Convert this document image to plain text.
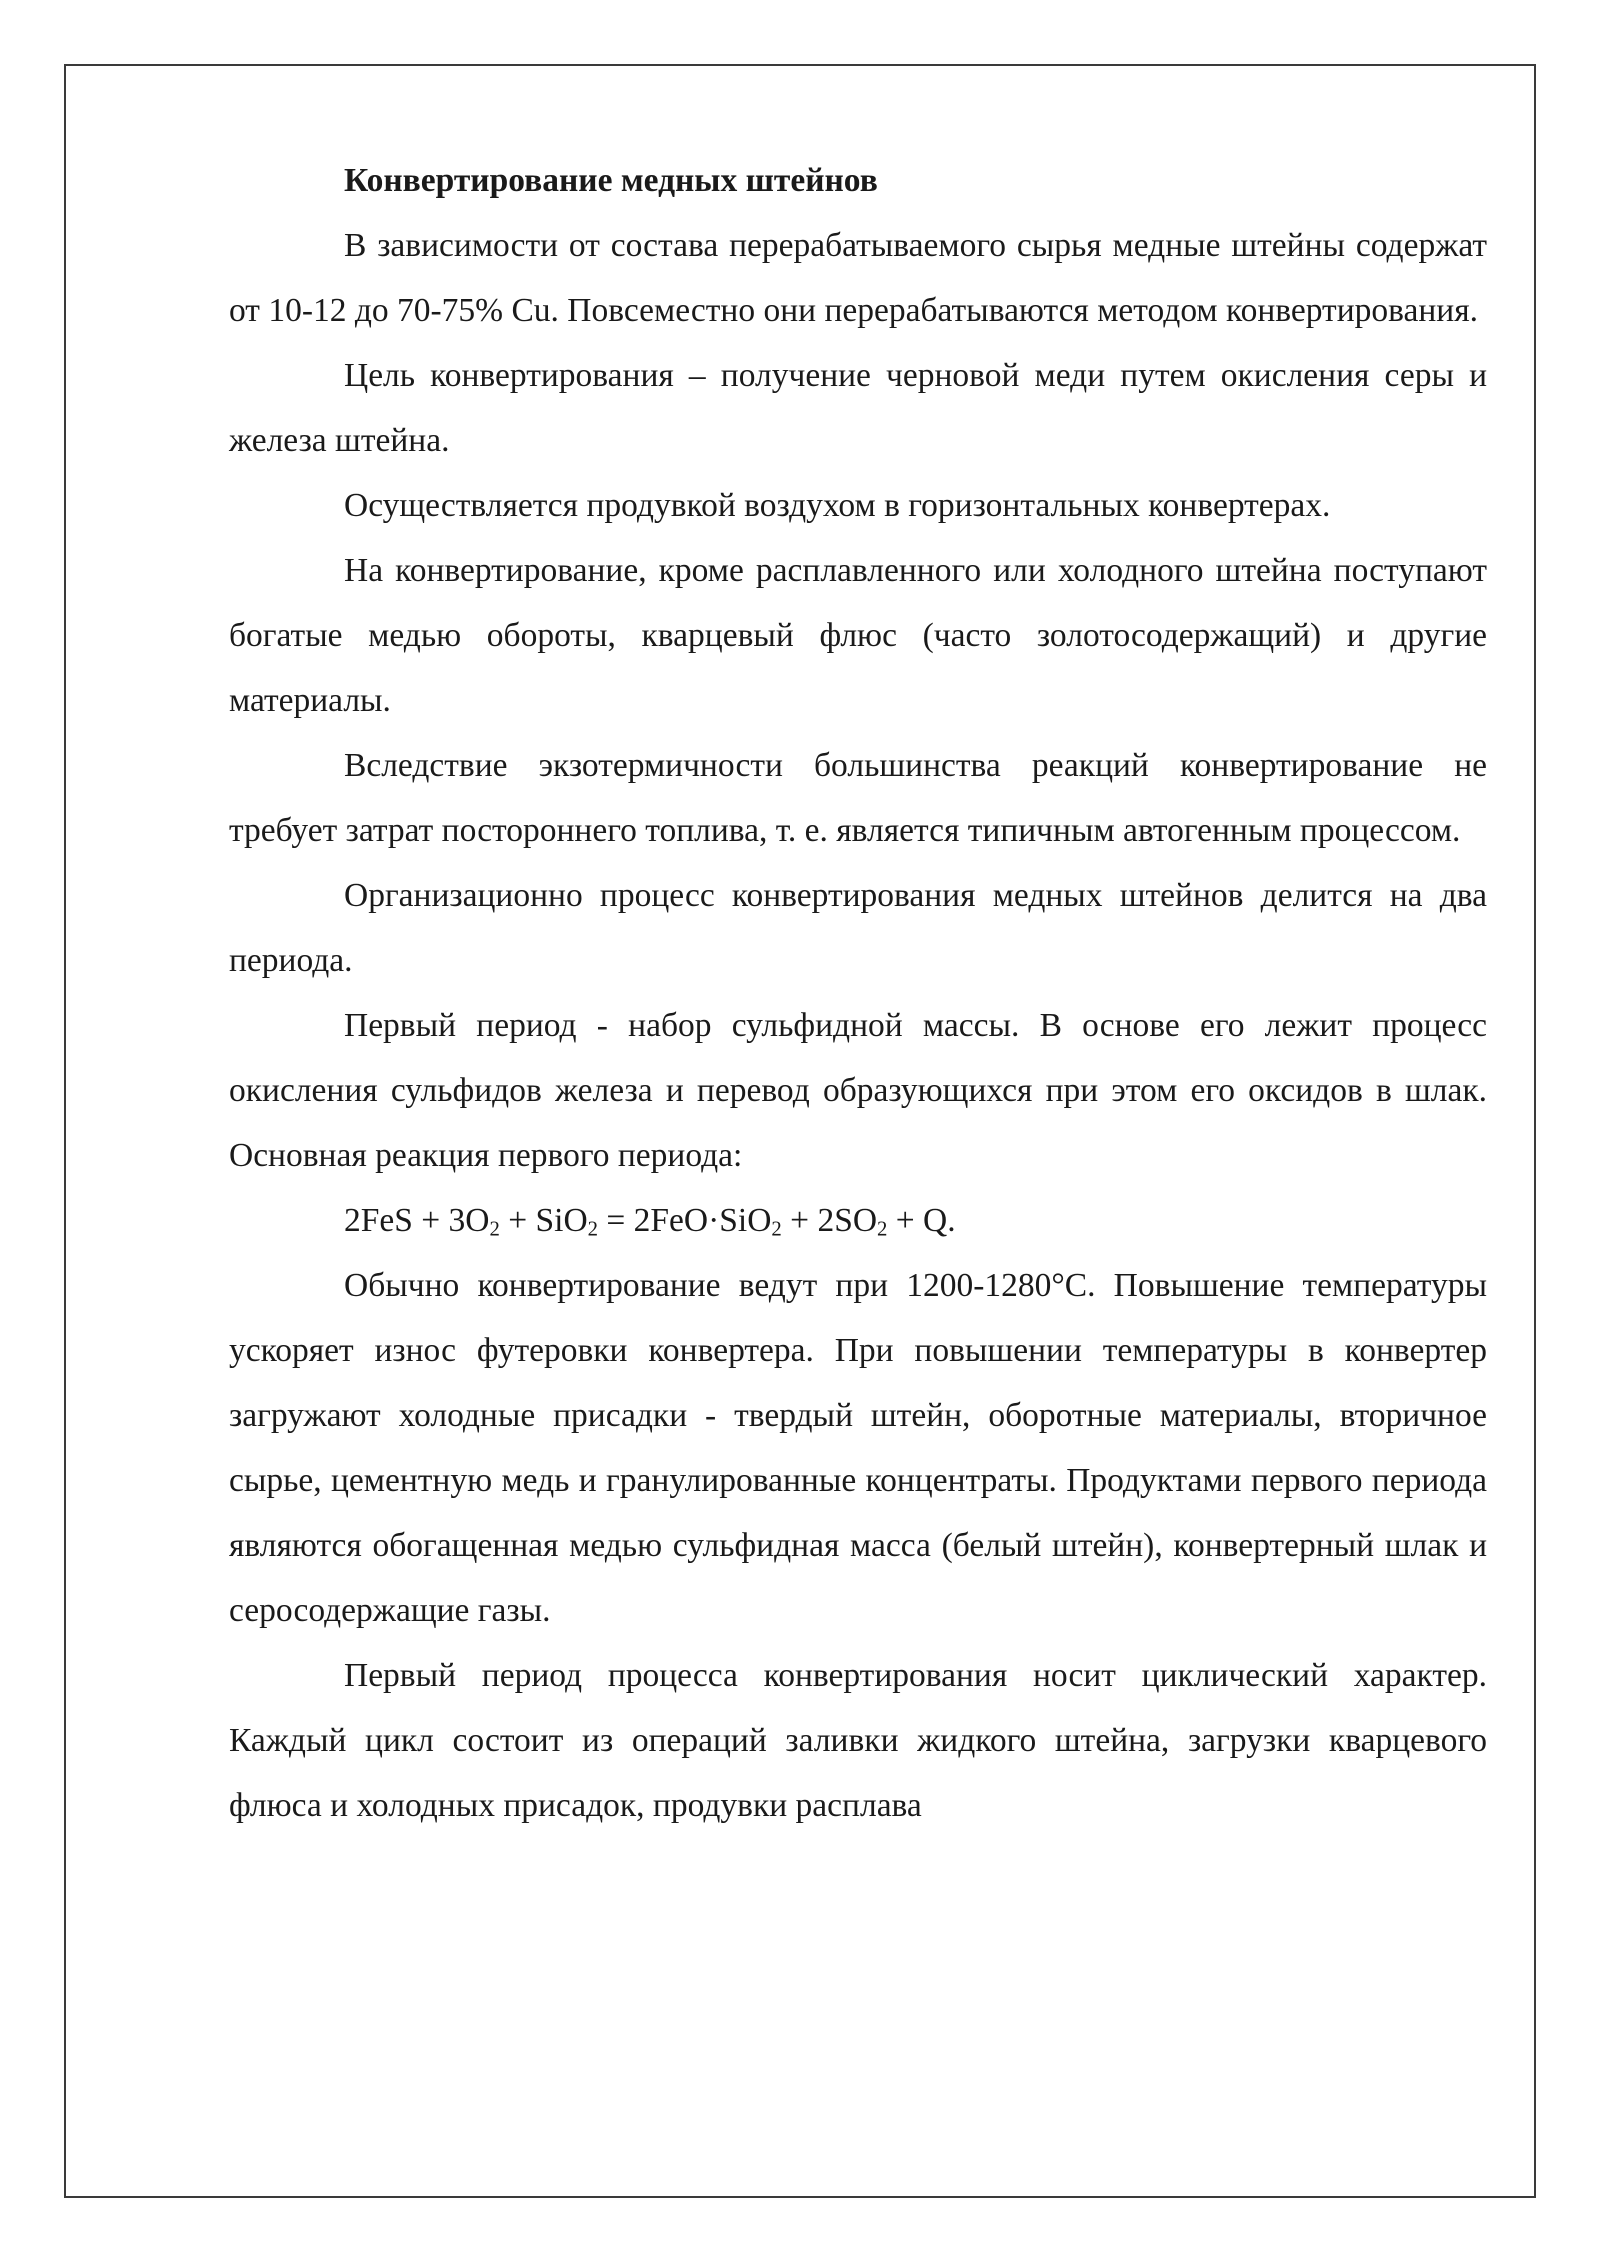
Конвертирование медных штейнов

В зависимости от состава перерабатываемого сырья медные штейны содержат от 10-12 до 70-75% Cu. Повсеместно они перерабатываются методом конвертирования.

Цель конвертирования – получение черновой меди путем окисления серы и железа штейна.

Осуществляется продувкой воздухом в горизонтальных конвертерах.

На конвертирование, кроме расплавленного или холодного штейна поступают богатые медью обороты, кварцевый флюс (часто золотосодержащий) и другие материалы.

Вследствие экзотермичности большинства реакций конвертирование не требует затрат постороннего топлива, т. е. является типичным автогенным процессом.

Организационно процесс конвертирования медных штейнов делится на два периода.

Первый период - набор сульфидной массы. В основе его лежит процесс окисления сульфидов железа и перевод образующихся при этом его оксидов в шлак. Основная реакция первого периода:

$2FeS + 3O_2 + SiO_2 = 2FeO\cdot SiO_2 + 2SO_2 + Q$.

Обычно конвертирование ведут при 1200-1280°С. Повышение температуры ускоряет износ футеровки конвертера. При повышении температуры в конвертер загружают холодные присадки - твердый штейн, оборотные материалы, вторичное сырье, цементную медь и гранулированные концентраты. Продуктами первого периода являются обогащенная медью сульфидная масса (белый штейн), конвертерный шлак и серосодержащие газы.

Первый период процесса конвертирования носит циклический характер. Каждый цикл состоит из операций заливки жидкого штейна, загрузки кварцевого флюса и холодных присадок, продувки расплава
